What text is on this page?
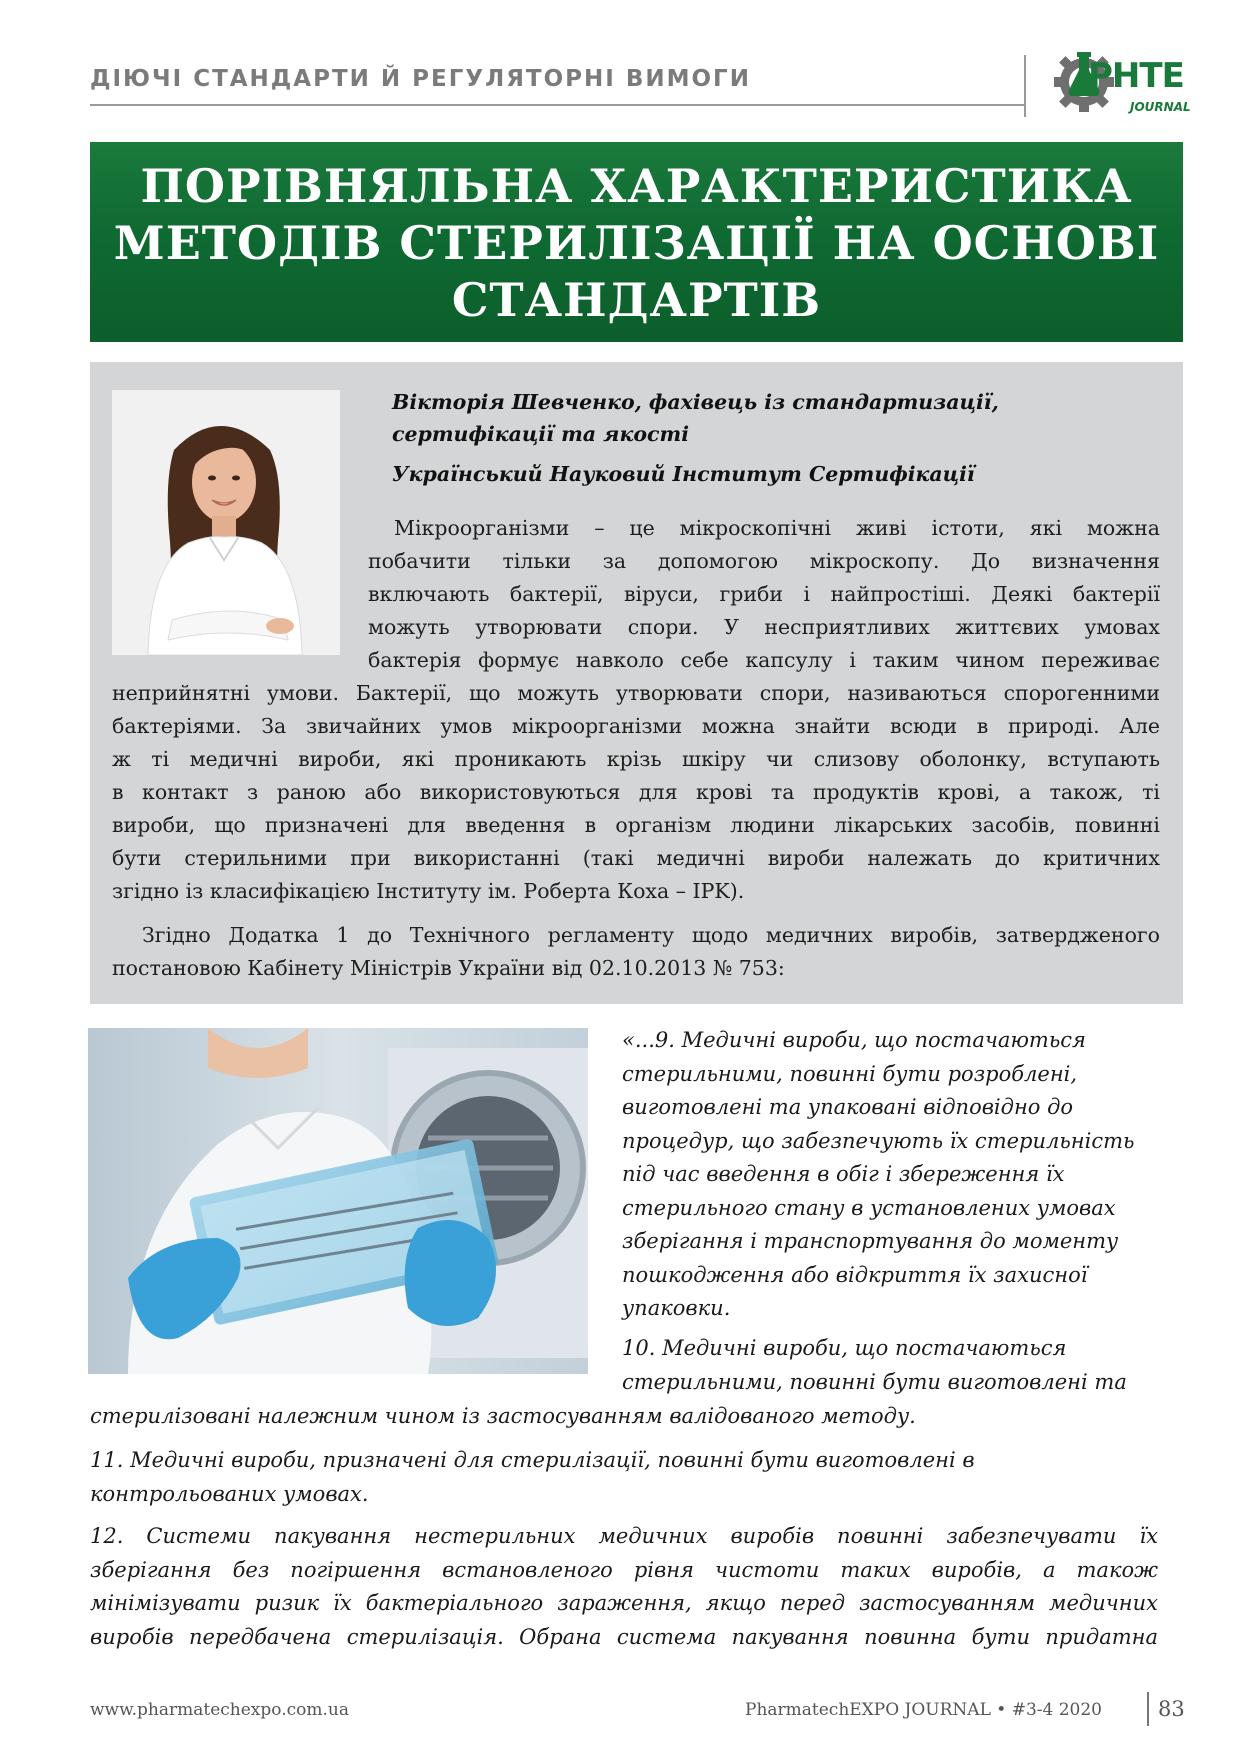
ДІЮЧІ СТАНДАРТИ Й РЕГУЛЯТОРНІ ВИМОГИ	PHTE
JOURNAL
ПОРІВНЯЛЬНА ХАРАКТЕРИСТИКА
МЕТОДІВ СТЕРИЛІЗАЦІЇ НА ОСНОВІ
СТАНДАРТІВ
Вікторія Шевченко, фахівець із стандартизації,
сертифікації та якості
Український Науковий Інститут Сертифікації
Мікроорганізми – це мікроскопічні живі істоти, які можна
побачити тільки за допомогою мікроскопу. До визначення
включають бактерії, віруси, гриби і найпростіші. Деякі бактерії
можуть утворювати спори. У несприятливих життєвих умовах
бактерія формує навколо себе капсулу і таким чином переживає
неприйнятні умови. Бактерії, що можуть утворювати спори, називаються спорогенними
бактеріями. За звичайних умов мікроорганізми можна знайти всюди в природі. Але
ж ті медичні вироби, які проникають крізь шкіру чи слизову оболонку, вступають
в контакт з раною або використовуються для крові та продуктів крові, а також, ті
вироби, що призначені для введення в організм людини лікарських засобів, повинні
бути стерильними при використанні (такі медичні вироби належать до критичних
згідно із класифікацією Інституту ім. Роберта Коха – IPK).
Згідно Додатка 1 до Технічного регламенту щодо медичних виробів, затвердженого
постановою Кабінету Міністрів України від 02.10.2013 № 753:
«...9. Медичні вироби, що постачаються
стерильними, повинні бути розроблені,
виготовлені та упаковані відповідно до
процедур, що забезпечують їх стерильність
під час введення в обіг і збереження їх
стерильного стану в установлених умовах
зберігання і транспортування до моменту
пошкодження або відкриття їх захисної
упаковки.
10. Медичні вироби, що постачаються
стерильними, повинні бути виготовлені та
стерилізовані належним чином із застосуванням валідованого методу.
11. Медичні вироби, призначені для стерилізації, повинні бути виготовлені в
контрольованих умовах.
12. Системи пакування нестерильних медичних виробів повинні забезпечувати їх
зберігання без погіршення встановленого рівня чистоти таких виробів, а також
мінімізувати ризик їх бактеріального зараження, якщо перед застосуванням медичних
виробів передбачена стерилізація. Обрана система пакування повинна бути придатна
www.pharmatechexpo.com.ua	PharmatechEXPO JOURNAL • #3-4 2020	83
